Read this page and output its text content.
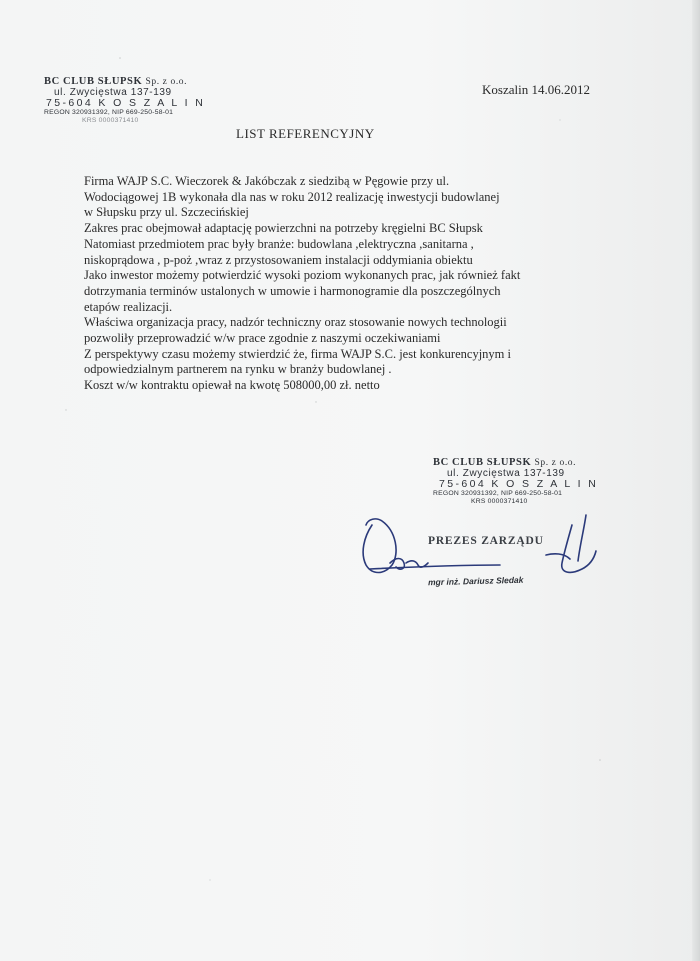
BC CLUB SŁUPSK Sp. z o.o.
ul. Zwycięstwa 137-139
75-604 K O S Z A L I N
REGON 320931392, NIP 669-250-58-01
KRS 0000371410
Koszalin 14.06.2012
LIST REFERENCYJNY
Firma WAJP S.C. Wieczorek & Jakóbczak z siedzibą w Pęgowie przy ul.
Wodociągowej 1B wykonała dla nas w roku 2012 realizację inwestycji budowlanej
w Słupsku przy ul. Szczecińskiej
Zakres prac obejmował adaptację powierzchni na potrzeby kręgielni BC Słupsk
Natomiast przedmiotem prac były branże: budowlana ,elektryczna ,sanitarna ,
niskoprądowa , p-poż ,wraz z przystosowaniem instalacji oddymiania obiektu
Jako inwestor możemy potwierdzić wysoki poziom wykonanych prac, jak również fakt
dotrzymania terminów ustalonych w umowie i harmonogramie dla poszczególnych
etapów realizacji.
Właściwa organizacja pracy, nadzór techniczny oraz stosowanie nowych technologii
pozwoliły przeprowadzić w/w prace zgodnie z naszymi oczekiwaniami
Z perspektywy czasu możemy stwierdzić że, firma WAJP S.C. jest konkurencyjnym i
odpowiedzialnym partnerem na rynku w branży budowlanej .
Koszt w/w kontraktu opiewał na kwotę 508000,00 zł. netto
BC CLUB SŁUPSK Sp. z o.o.
ul. Zwycięstwa 137-139
75-604 K O S Z A L I N
REGON 320931392, NIP 669-250-58-01
KRS 0000371410
PREZES ZARZĄDU
mgr inż. Dariusz Sledak
